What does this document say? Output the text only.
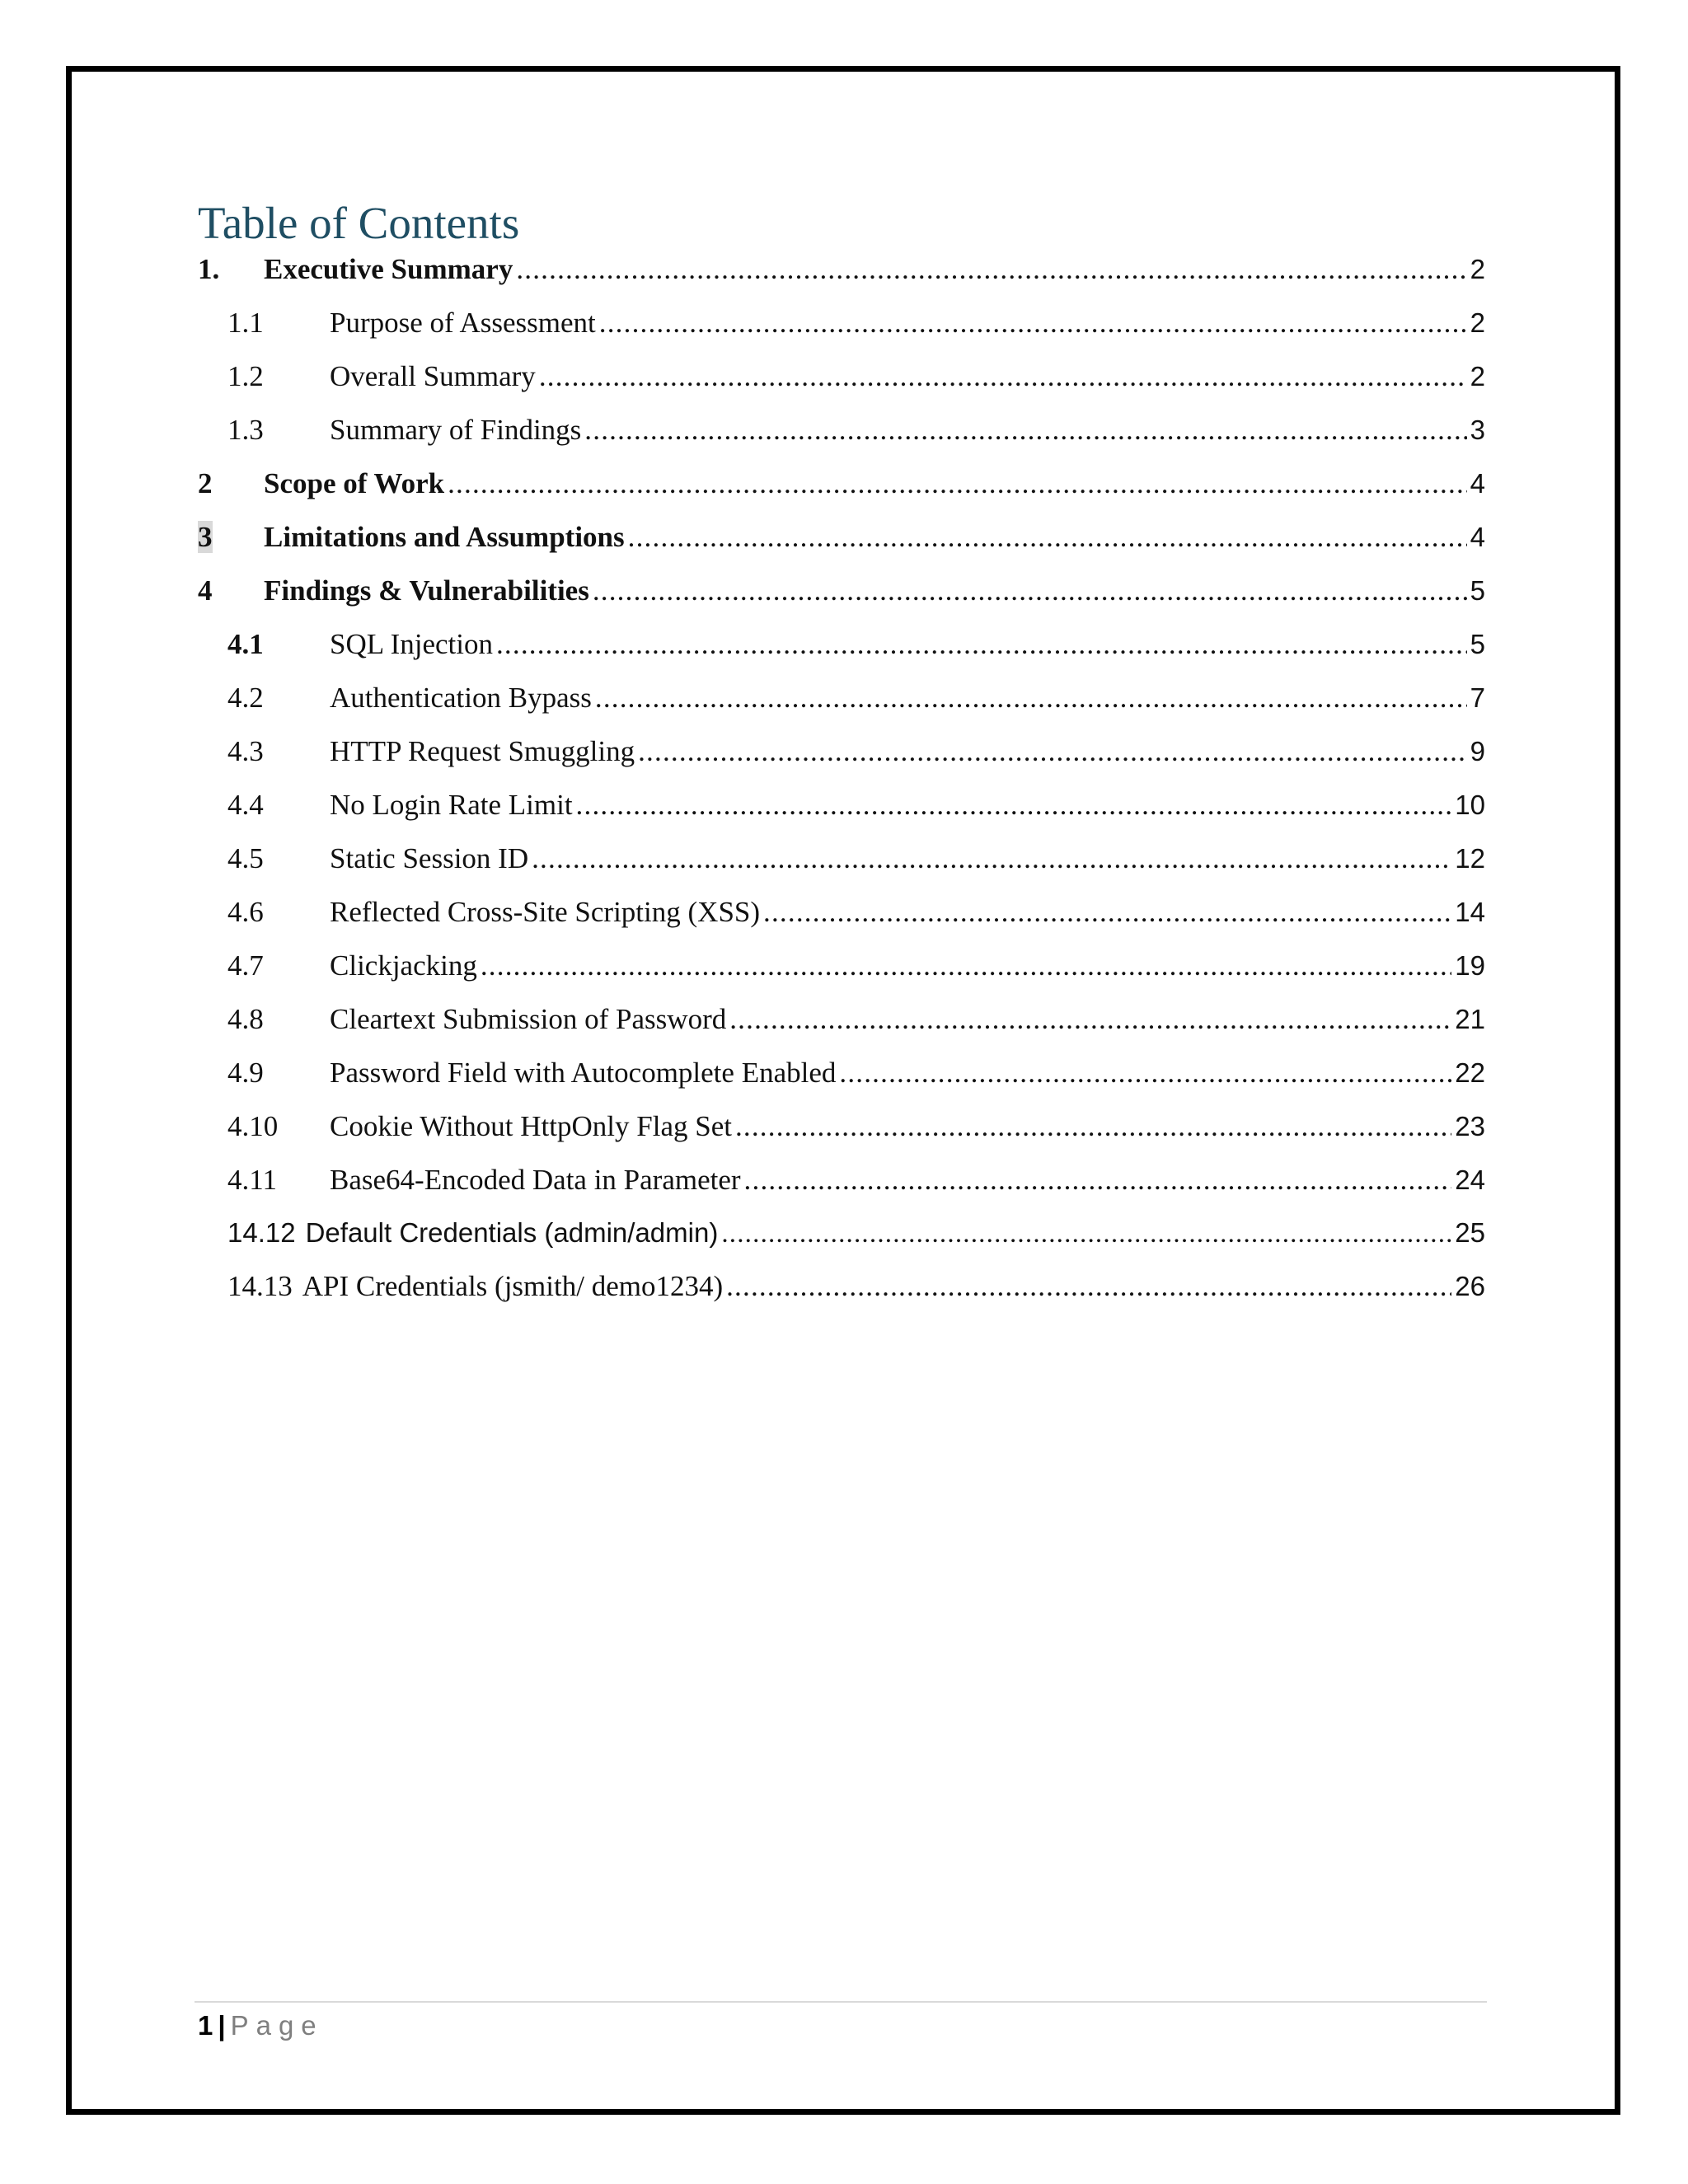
Table of Contents
1.	Executive Summary .....	2
1.1	Purpose of Assessment .....	2
1.2	Overall Summary .....	2
1.3	Summary of Findings .....	3
2	Scope of Work .....	4
3	Limitations and Assumptions .....	4
4	Findings & Vulnerabilities .....	5
4.1	SQL Injection .....	5
4.2	Authentication Bypass .....	7
4.3	HTTP Request Smuggling .....	9
4.4	No Login Rate Limit .....	10
4.5	Static Session ID .....	12
4.6	Reflected Cross-Site Scripting (XSS) .....	14
4.7	Clickjacking .....	19
4.8	Cleartext Submission of Password .....	21
4.9	Password Field with Autocomplete Enabled .....	22
4.10	Cookie Without HttpOnly Flag Set .....	23
4.11	Base64-Encoded Data in Parameter .....	24
14.12 Default Credentials (admin/admin) .....	25
14.13 API Credentials (jsmith/ demo1234) .....	26
1 | Page
